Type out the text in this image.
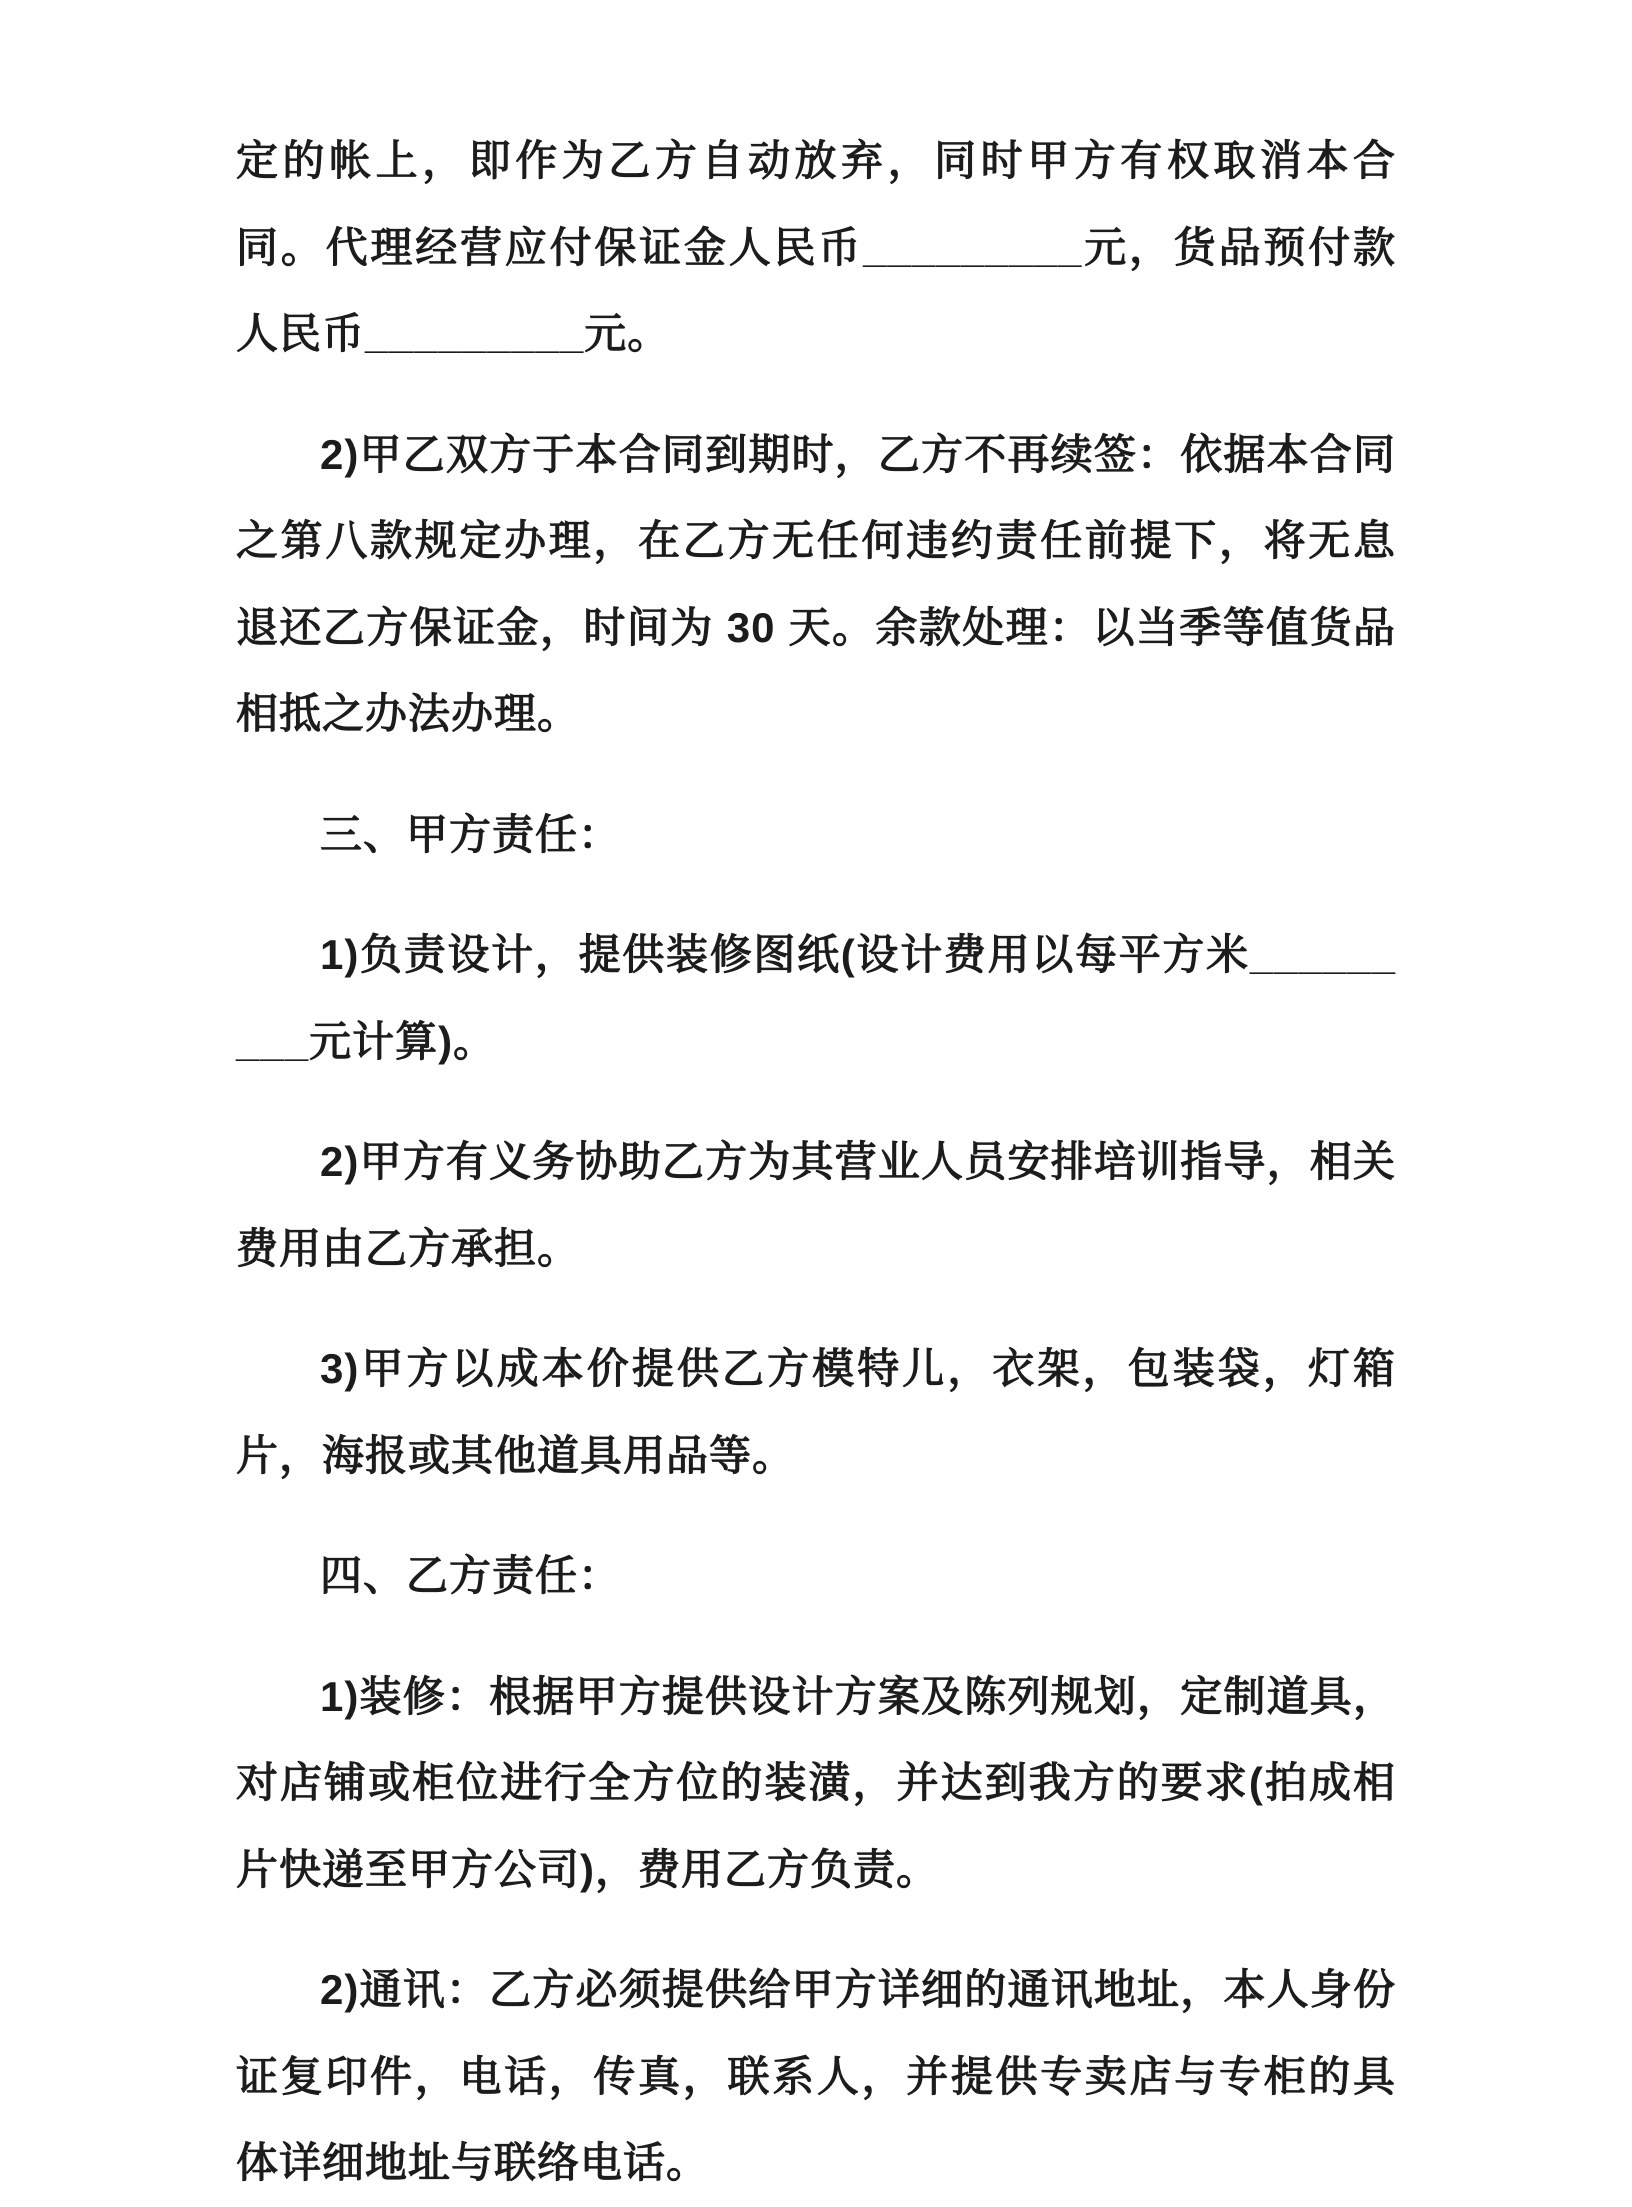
定的帐上，即作为乙方自动放弃，同时甲方有权取消本合同。代理经营应付保证金人民币_________元，货品预付款人民币_________元。

2)甲乙双方于本合同到期时，乙方不再续签：依据本合同之第八款规定办理，在乙方无任何违约责任前提下，将无息退还乙方保证金，时间为 30 天。余款处理：以当季等值货品相抵之办法办理。

三、甲方责任：

1)负责设计，提供装修图纸(设计费用以每平方米_________元计算)。

2)甲方有义务协助乙方为其营业人员安排培训指导，相关费用由乙方承担。

3)甲方以成本价提供乙方模特儿，衣架，包装袋，灯箱片，海报或其他道具用品等。

四、乙方责任：

1)装修：根据甲方提供设计方案及陈列规划，定制道具，对店铺或柜位进行全方位的装潢，并达到我方的要求(拍成相片快递至甲方公司)，费用乙方负责。

2)通讯：乙方必须提供给甲方详细的通讯地址，本人身份证复印件，电话，传真，联系人，并提供专卖店与专柜的具体详细地址与联络电话。
